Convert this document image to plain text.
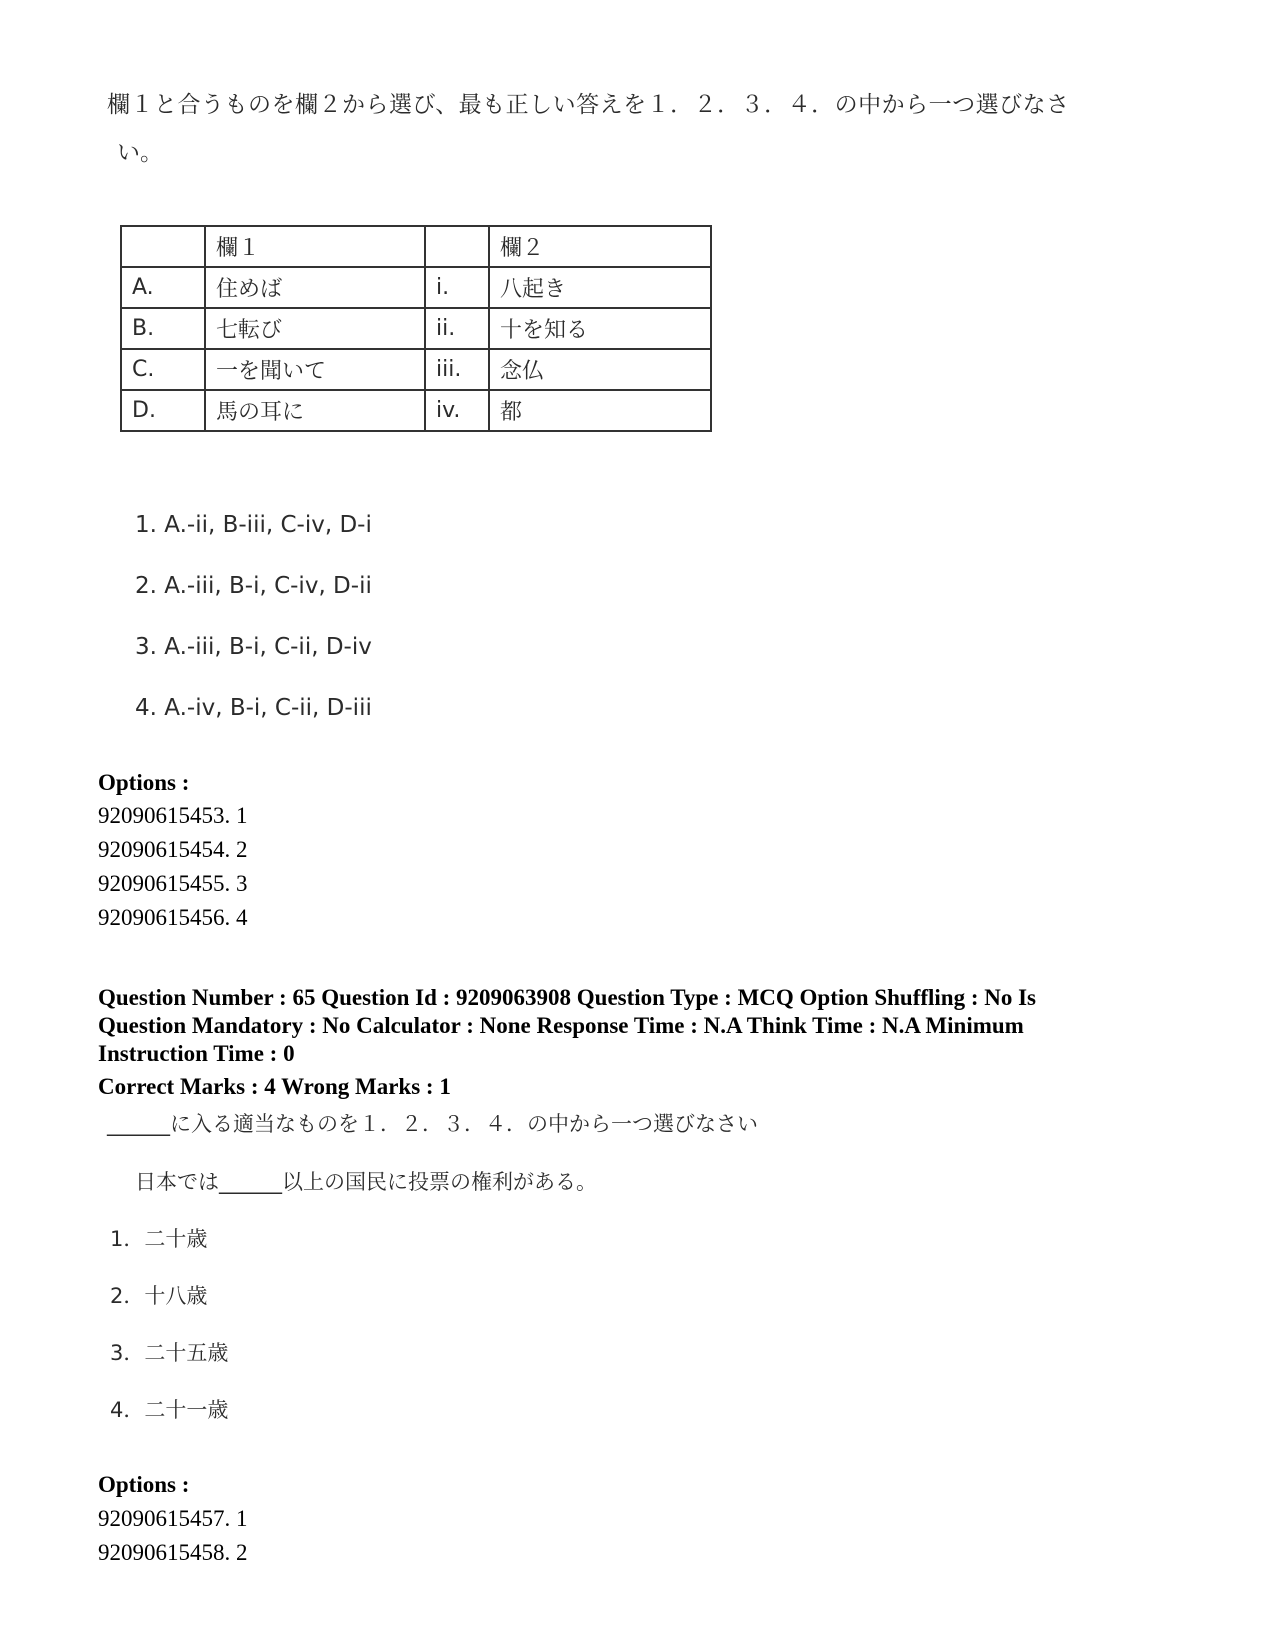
欄１と合うものを欄２から選び、最も正しい答えを１．２．３．４．の中から一つ選びなさ
い。
	欄１		欄２
A.	住めば	i.	八起き
B.	七転び	ii.	十を知る
C.	一を聞いて	iii.	念仏
D.	馬の耳に	iv.	都
1. A.-ii, B-iii, C-iv, D-i
2. A.-iii, B-i, C-iv, D-ii
3. A.-iii, B-i, C-ii, D-iv
4. A.-iv, B-i, C-ii, D-iii
Options :
92090615453. 1
92090615454. 2
92090615455. 3
92090615456. 4
Question Number : 65 Question Id : 9209063908 Question Type : MCQ Option Shuffling : No Is
Question Mandatory : No Calculator : None Response Time : N.A Think Time : N.A Minimum
Instruction Time : 0
Correct Marks : 4 Wrong Marks : 1
______に入る適当なものを１．２．３．４．の中から一つ選びなさい
日本では______以上の国民に投票の権利がある。
1．二十歳
2．十八歳
3．二十五歳
4．二十一歳
Options :
92090615457. 1
92090615458. 2
